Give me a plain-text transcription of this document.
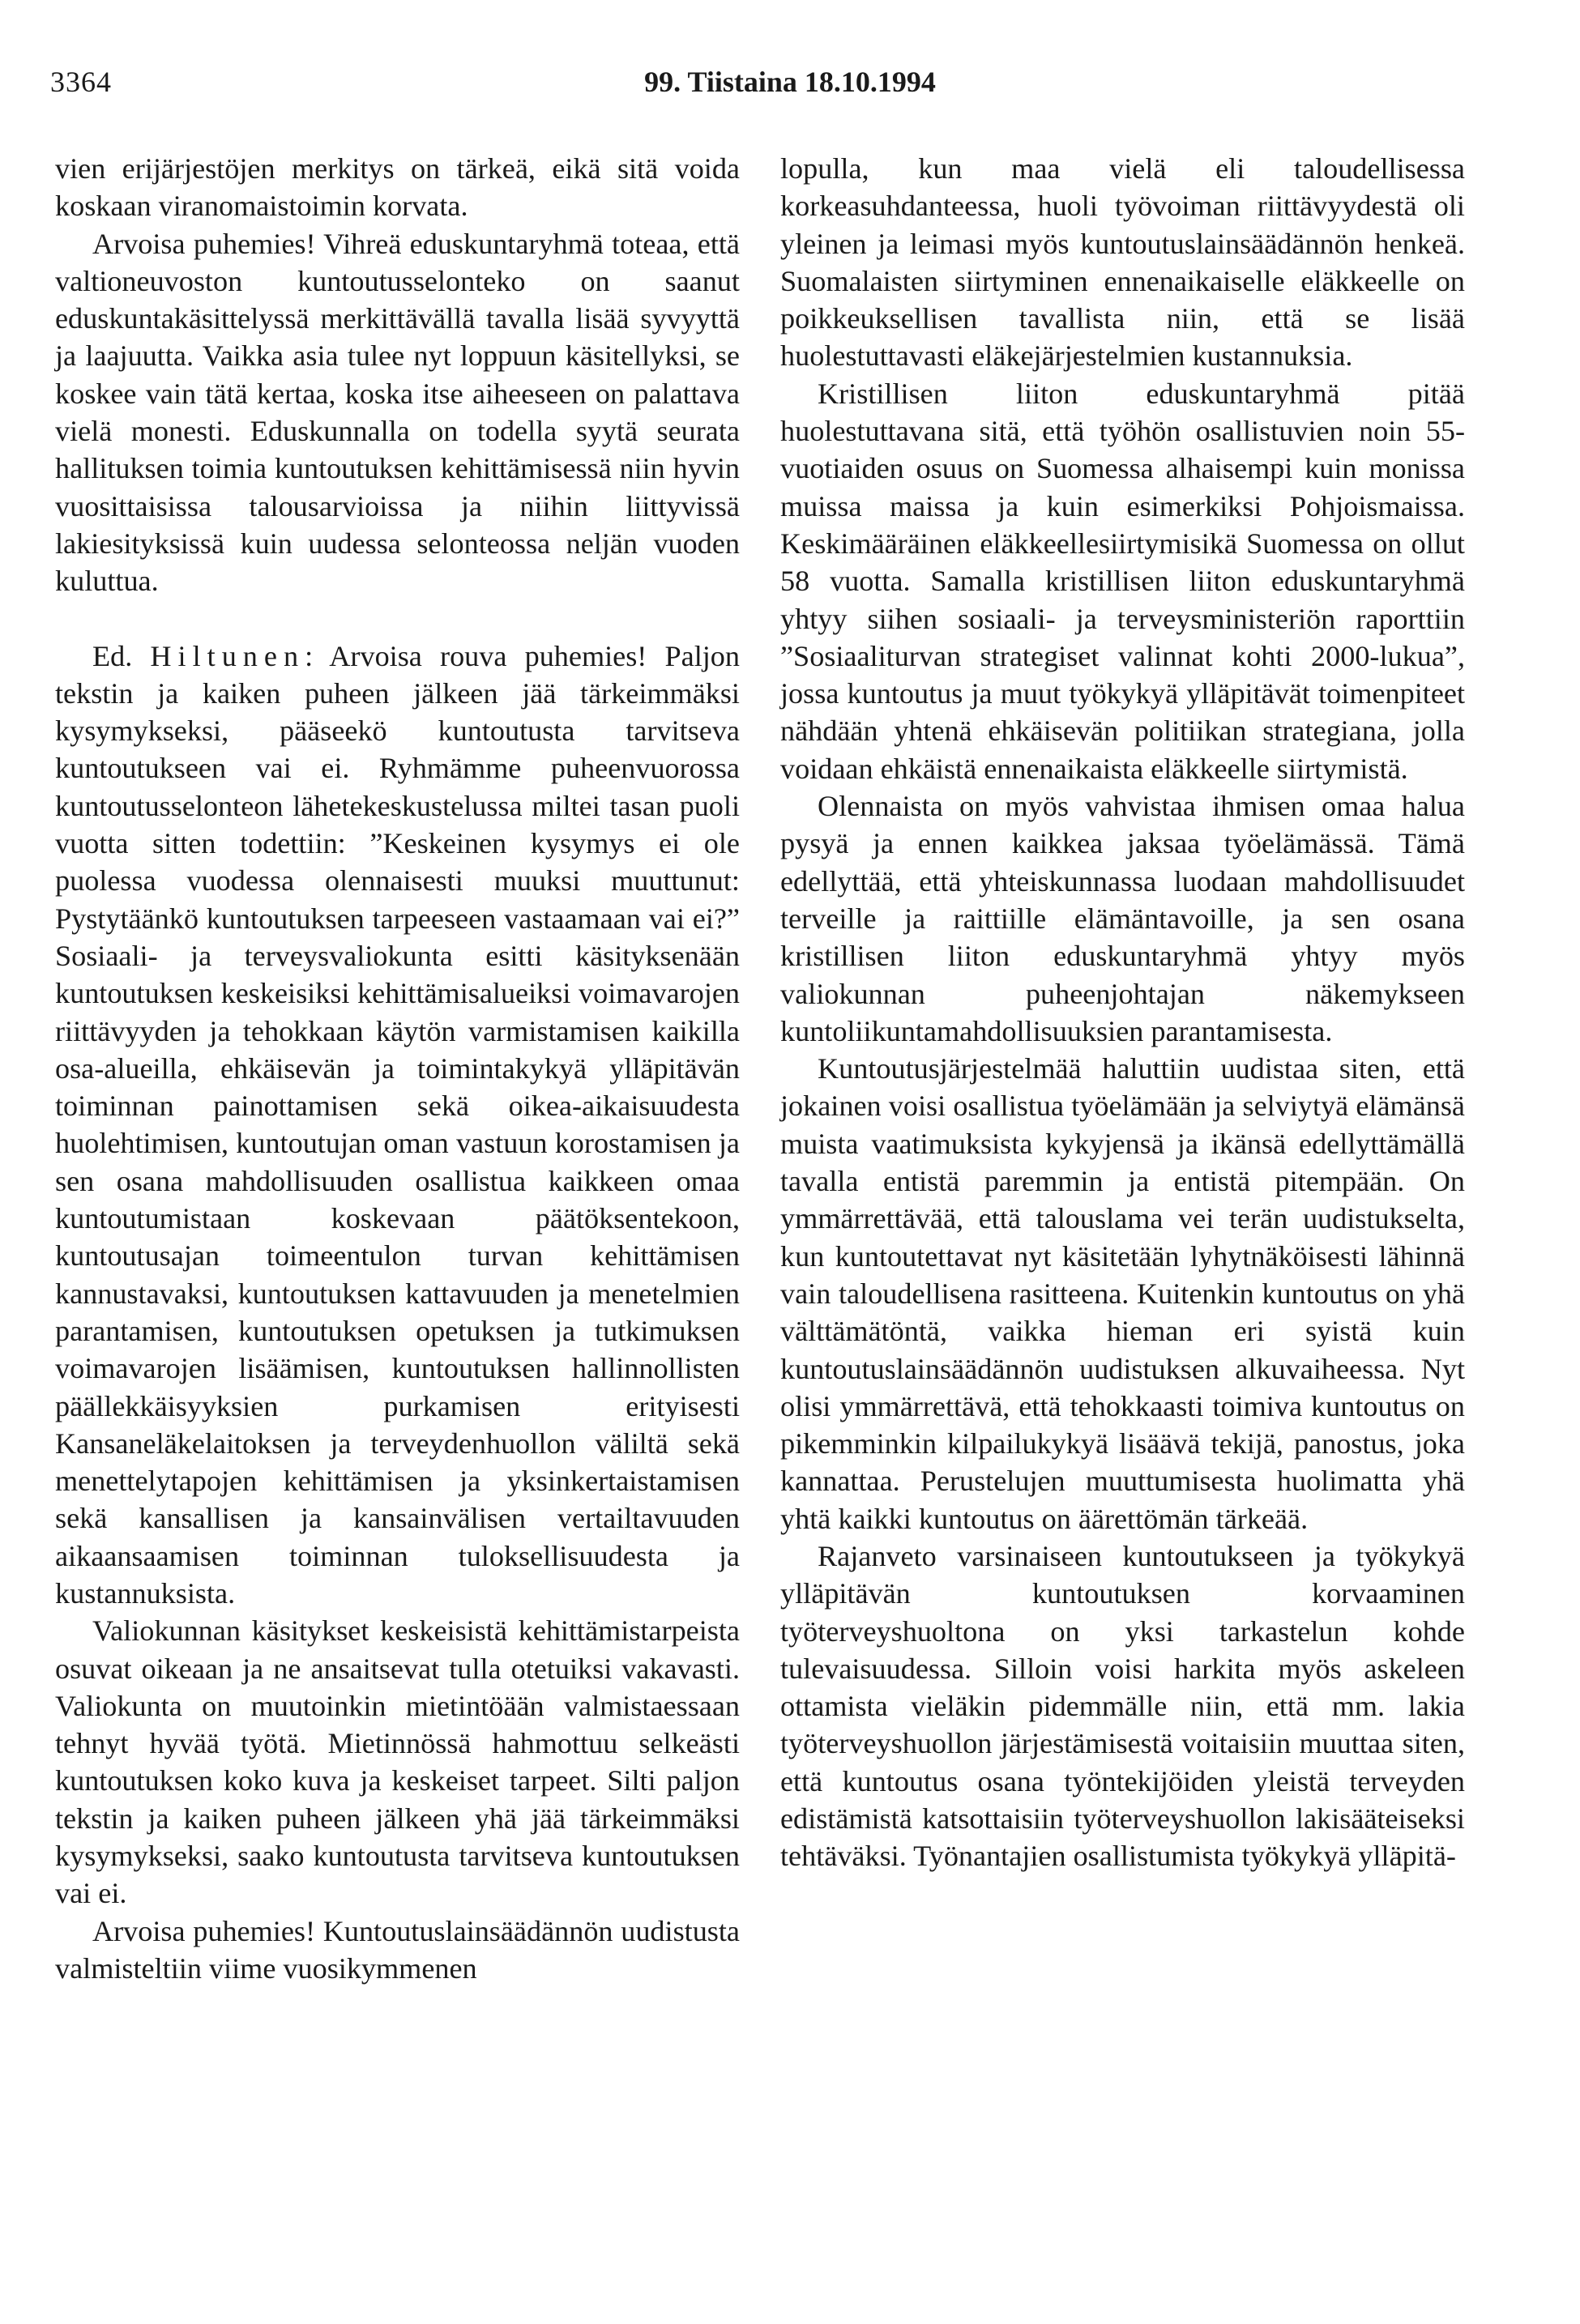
3364	99. Tiistaina 18.10.1994

vien erijärjestöjen merkitys on tärkeä, eikä sitä voida koskaan viranomaistoimin korvata.

Arvoisa puhemies! Vihreä eduskuntaryhmä toteaa, että valtioneuvoston kuntoutusselonteko on saanut eduskuntakäsittelyssä merkittävällä tavalla lisää syvyyttä ja laajuutta. Vaikka asia tulee nyt loppuun käsitellyksi, se koskee vain tätä kertaa, koska itse aiheeseen on palattava vielä monesti. Eduskunnalla on todella syytä seurata hallituksen toimia kuntoutuksen kehittämisessä niin hyvin vuosittaisissa talousarvioissa ja niihin liittyvissä lakiesityksissä kuin uudessa selonteossa neljän vuoden kuluttua.

Ed. Hiltunen: Arvoisa rouva puhemies! Paljon tekstin ja kaiken puheen jälkeen jää tärkeimmäksi kysymykseksi, pääseekö kuntoutusta tarvitseva kuntoutukseen vai ei. Ryhmämme puheenvuorossa kuntoutusselonteon lähetekeskustelussa miltei tasan puoli vuotta sitten todettiin: ”Keskeinen kysymys ei ole puolessa vuodessa olennaisesti muuksi muuttunut: Pystytäänkö kuntoutuksen tarpeeseen vastaamaan vai ei?” Sosiaali- ja terveysvaliokunta esitti käsityksenään kuntoutuksen keskeisiksi kehittämisalueiksi voimavarojen riittävyyden ja tehokkaan käytön varmistamisen kaikilla osa-alueilla, ehkäisevän ja toimintakykyä ylläpitävän toiminnan painottamisen sekä oikea-aikaisuudesta huolehtimisen, kuntoutujan oman vastuun korostamisen ja sen osana mahdollisuuden osallistua kaikkeen omaa kuntoutumistaan koskevaan päätöksentekoon, kuntoutusajan toimeentulon turvan kehittämisen kannustavaksi, kuntoutuksen kattavuuden ja menetelmien parantamisen, kuntoutuksen opetuksen ja tutkimuksen voimavarojen lisäämisen, kuntoutuksen hallinnollisten päällekkäisyyksien purkamisen erityisesti Kansaneläkelaitoksen ja terveydenhuollon väliltä sekä menettelytapojen kehittämisen ja yksinkertaistamisen sekä kansallisen ja kansainvälisen vertailtavuuden aikaansaamisen toiminnan tuloksellisuudesta ja kustannuksista.

Valiokunnan käsitykset keskeisistä kehittämistarpeista osuvat oikeaan ja ne ansaitsevat tulla otetuiksi vakavasti. Valiokunta on muutoinkin mietintöään valmistaessaan tehnyt hyvää työtä. Mietinnössä hahmottuu selkeästi kuntoutuksen koko kuva ja keskeiset tarpeet. Silti paljon tekstin ja kaiken puheen jälkeen yhä jää tärkeimmäksi kysymykseksi, saako kuntoutusta tarvitseva kuntoutuksen vai ei.

Arvoisa puhemies! Kuntoutuslainsäädännön uudistusta valmisteltiin viime vuosikymmenen

lopulla, kun maa vielä eli taloudellisessa korkeasuhdanteessa, huoli työvoiman riittävyydestä oli yleinen ja leimasi myös kuntoutuslainsäädännön henkeä. Suomalaisten siirtyminen ennenaikaiselle eläkkeelle on poikkeuksellisen tavallista niin, että se lisää huolestuttavasti eläkejärjestelmien kustannuksia.

Kristillisen liiton eduskuntaryhmä pitää huolestuttavana sitä, että työhön osallistuvien noin 55-vuotiaiden osuus on Suomessa alhaisempi kuin monissa muissa maissa ja kuin esimerkiksi Pohjoismaissa. Keskimääräinen eläkkeellesiirtymisikä Suomessa on ollut 58 vuotta. Samalla kristillisen liiton eduskuntaryhmä yhtyy siihen sosiaali- ja terveysministeriön raporttiin ”Sosiaaliturvan strategiset valinnat kohti 2000-lukua”, jossa kuntoutus ja muut työkykyä ylläpitävät toimenpiteet nähdään yhtenä ehkäisevän politiikan strategiana, jolla voidaan ehkäistä ennenaikaista eläkkeelle siirtymistä.

Olennaista on myös vahvistaa ihmisen omaa halua pysyä ja ennen kaikkea jaksaa työelämässä. Tämä edellyttää, että yhteiskunnassa luodaan mahdollisuudet terveille ja raittiille elämäntavoille, ja sen osana kristillisen liiton eduskuntaryhmä yhtyy myös valiokunnan puheenjohtajan näkemykseen kuntoliikuntamahdollisuuksien parantamisesta.

Kuntoutusjärjestelmää haluttiin uudistaa siten, että jokainen voisi osallistua työelämään ja selviytyä elämänsä muista vaatimuksista kykyjensä ja ikänsä edellyttämällä tavalla entistä paremmin ja entistä pitempään. On ymmärrettävää, että talouslama vei terän uudistukselta, kun kuntoutettavat nyt käsitetään lyhytnäköisesti lähinnä vain taloudellisena rasitteena. Kuitenkin kuntoutus on yhä välttämätöntä, vaikka hieman eri syistä kuin kuntoutuslainsäädännön uudistuksen alkuvaiheessa. Nyt olisi ymmärrettävä, että tehokkaasti toimiva kuntoutus on pikemminkin kilpailukykyä lisäävä tekijä, panostus, joka kannattaa. Perustelujen muuttumisesta huolimatta yhä yhtä kaikki kuntoutus on äärettömän tärkeää.

Rajanveto varsinaiseen kuntoutukseen ja työkykyä ylläpitävän kuntoutuksen korvaaminen työterveyshuoltona on yksi tarkastelun kohde tulevaisuudessa. Silloin voisi harkita myös askeleen ottamista vieläkin pidemmälle niin, että mm. lakia työterveyshuollon järjestämisestä voitaisiin muuttaa siten, että kuntoutus osana työntekijöiden yleistä terveyden edistämistä katsottaisiin työterveyshuollon lakisääteiseksi tehtäväksi. Työnantajien osallistumista työkykyä ylläpitä-
